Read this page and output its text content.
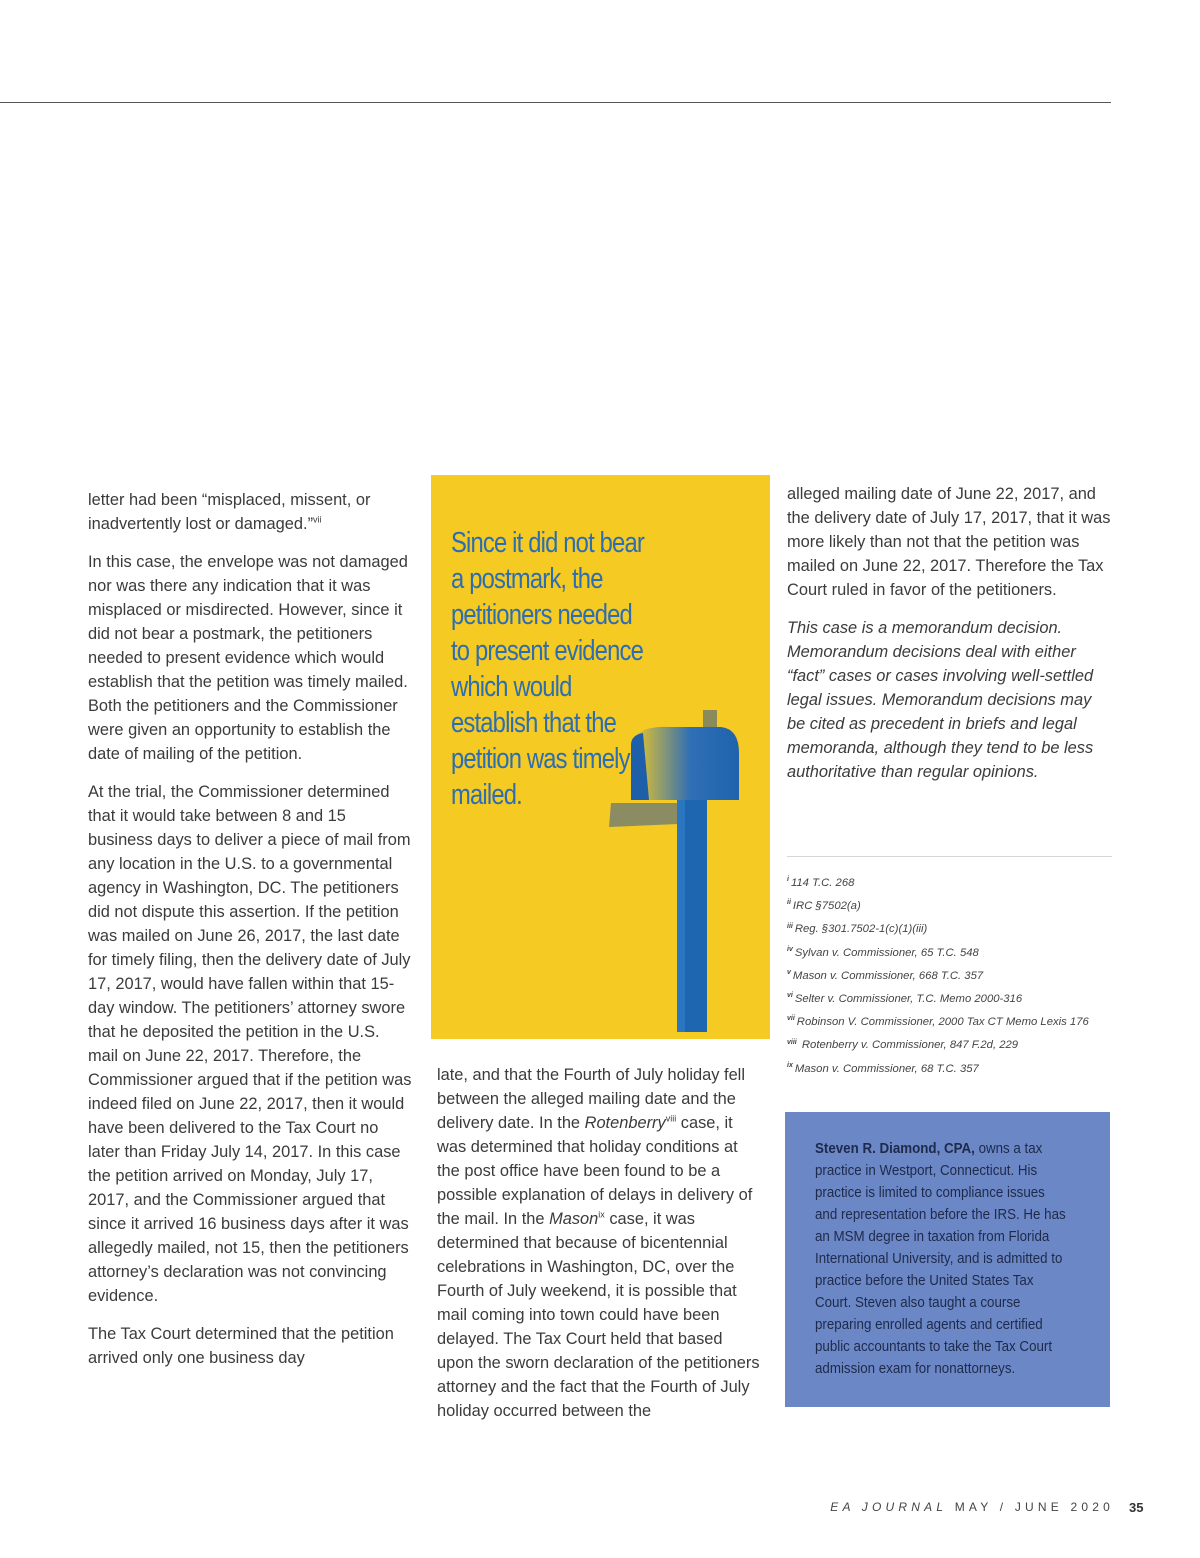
letter had been “misplaced, missent, or inadvertently lost or damaged.”$^{vii}$

In this case, the envelope was not damaged nor was there any indication that it was misplaced or misdirected. However, since it did not bear a postmark, the petitioners needed to present evidence which would establish that the petition was timely mailed. Both the petitioners and the Commissioner were given an opportunity to establish the date of mailing of the petition.

At the trial, the Commissioner determined that it would take between 8 and 15 business days to deliver a piece of mail from any location in the U.S. to a governmental agency in Washington, DC. The petitioners did not dispute this assertion. If the petition was mailed on June 26, 2017, the last date for timely filing, then the delivery date of July 17, 2017, would have fallen within that 15-day window. The petitioners’ attorney swore that he deposited the petition in the U.S. mail on June 22, 2017. Therefore, the Commissioner argued that if the petition was indeed filed on June 22, 2017, then it would have been delivered to the Tax Court no later than Friday July 14, 2017. In this case the petition arrived on Monday, July 17, 2017, and the Commissioner argued that since it arrived 16 business days after it was allegedly mailed, not 15, then the petitioners attorney’s declaration was not convincing evidence.

The Tax Court determined that the petition arrived only one business day

Since it did not bear a postmark, the petitioners needed to present evidence which would establish that the petition was timely mailed.

late, and that the Fourth of July holiday fell between the alleged mailing date and the delivery date. In the Rotenberry$^{viii}$ case, it was determined that holiday conditions at the post office have been found to be a possible explanation of delays in delivery of the mail. In the Mason$^{ix}$ case, it was determined that because of bicentennial celebrations in Washington, DC, over the Fourth of July weekend, it is possible that mail coming into town could have been delayed. The Tax Court held that based upon the sworn declaration of the petitioners attorney and the fact that the Fourth of July holiday occurred between the

alleged mailing date of June 22, 2017, and the delivery date of July 17, 2017, that it was more likely than not that the petition was mailed on June 22, 2017. Therefore the Tax Court ruled in favor of the petitioners.

This case is a memorandum decision. Memorandum decisions deal with either “fact” cases or cases involving well-settled legal issues. Memorandum decisions may be cited as precedent in briefs and legal memoranda, although they tend to be less authoritative than regular opinions.

$^i$ 114 T.C. 268
$^{ii}$ IRC §7502(a)
$^{iii}$ Reg. §301.7502-1(c)(1)(iii)
$^{iv}$ Sylvan v. Commissioner, 65 T.C. 548
$^v$ Mason v. Commissioner, 668 T.C. 357
$^{vi}$ Selter v. Commissioner, T.C. Memo 2000-316
$^{vii}$ Robinson V. Commissioner, 2000 Tax CT Memo Lexis 176
$^{viii}$ Rotenberry v. Commissioner, 847 F.2d, 229
$^{ix}$ Mason v. Commissioner, 68 T.C. 357

Steven R. Diamond, CPA, owns a tax practice in Westport, Connecticut. His practice is limited to compliance issues and representation before the IRS. He has an MSM degree in taxation from Florida International University, and is admitted to practice before the United States Tax Court. Steven also taught a course preparing enrolled agents and certified public accountants to take the Tax Court admission exam for nonattorneys.

EA JOURNAL MAY / JUNE 2020 35
